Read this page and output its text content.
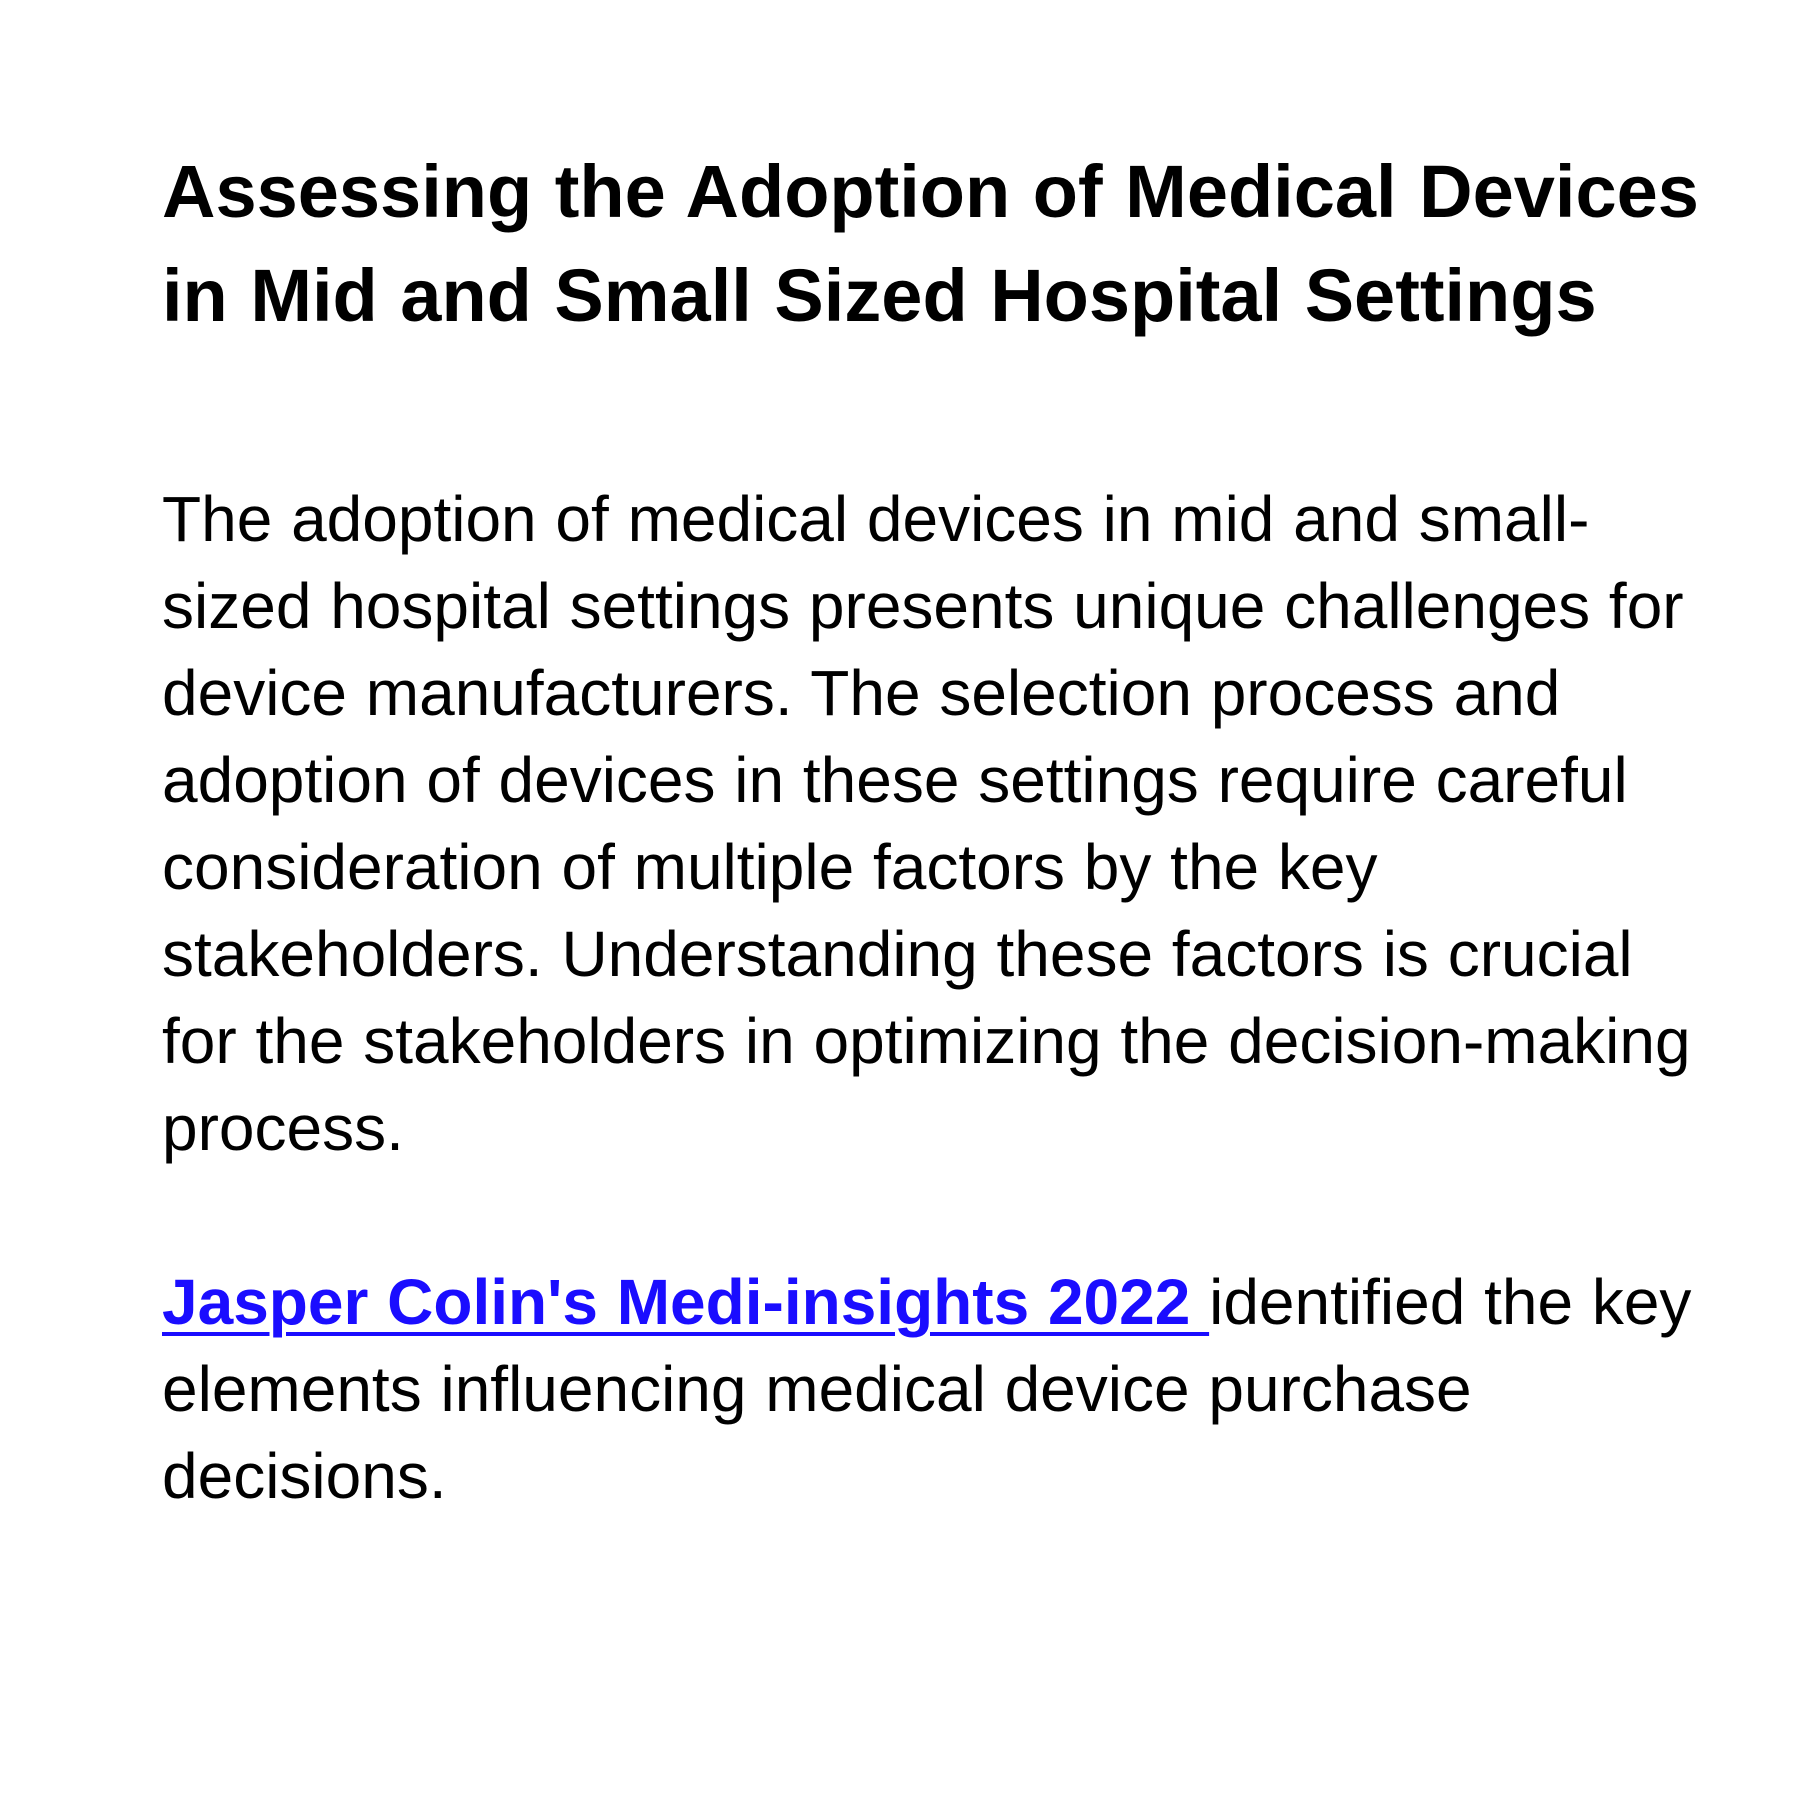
Assessing the Adoption of Medical Devices in Mid and Small Sized Hospital Settings

The adoption of medical devices in mid and small-sized hospital settings presents unique challenges for device manufacturers. The selection process and adoption of devices in these settings require careful consideration of multiple factors by the key stakeholders. Understanding these factors is crucial for the stakeholders in optimizing the decision-making process.

Jasper Colin's Medi-insights 2022 identified the key elements influencing medical device purchase decisions.
